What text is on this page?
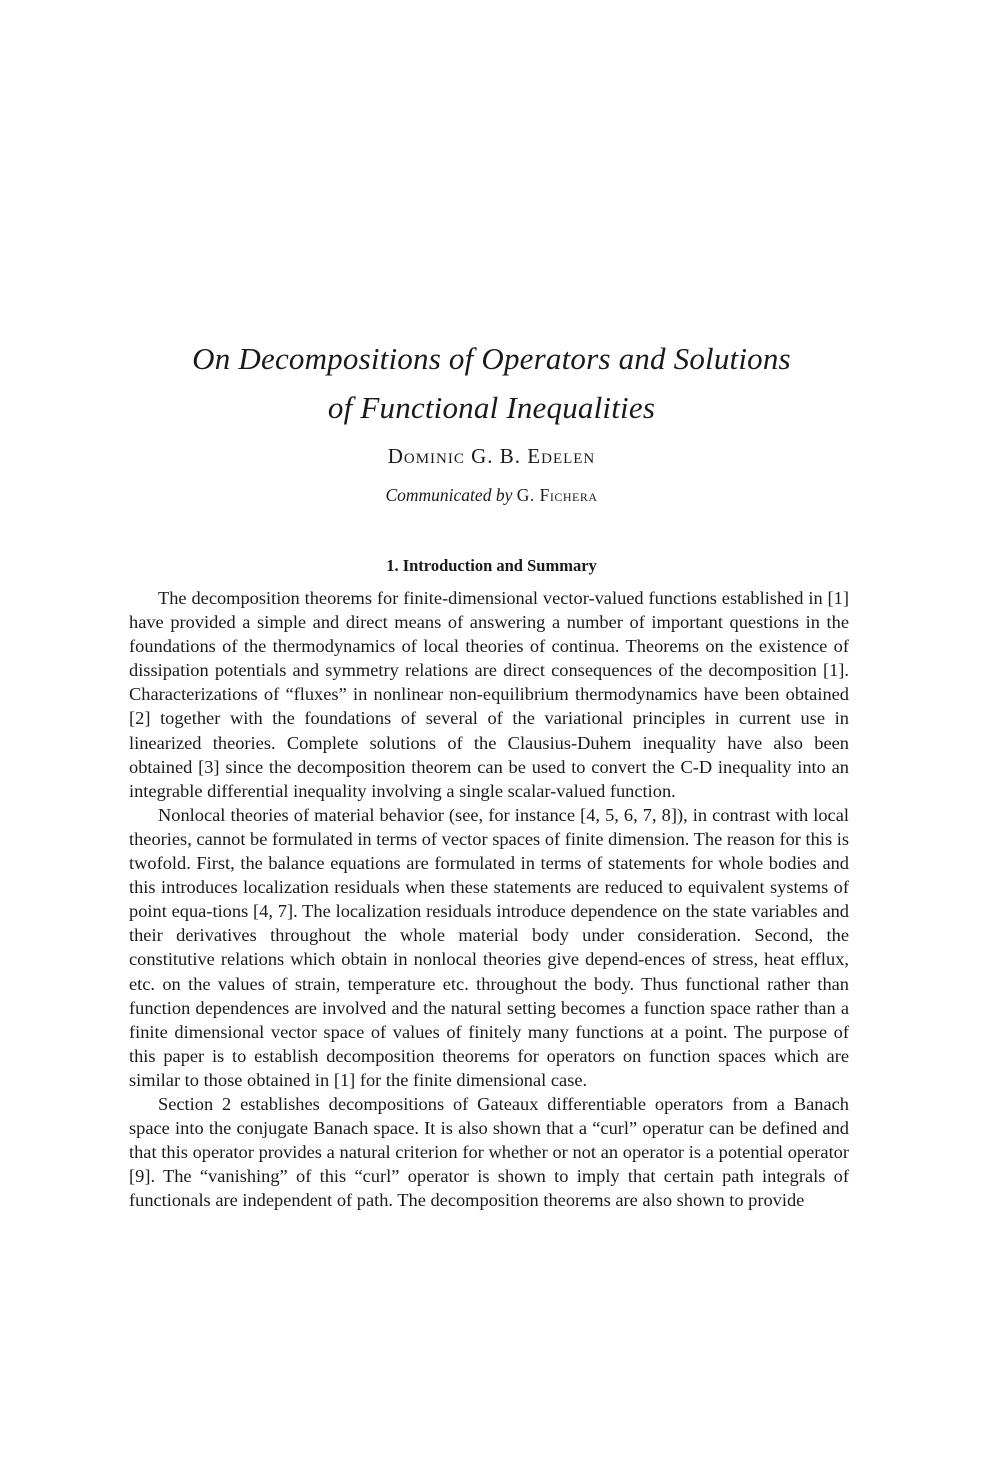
On Decompositions of Operators and Solutions
of Functional Inequalities
Dominic G. B. Edelen
Communicated by G. Fichera
1. Introduction and Summary

The decomposition theorems for finite-dimensional vector-valued functions established in [1] have provided a simple and direct means of answering a number of important questions in the foundations of the thermodynamics of local theories of continua. Theorems on the existence of dissipation potentials and symmetry relations are direct consequences of the decomposition [1]. Characterizations of “fluxes” in nonlinear non-equilibrium thermodynamics have been obtained [2] together with the foundations of several of the variational principles in current use in linearized theories. Complete solutions of the Clausius-Duhem inequality have also been obtained [3] since the decomposition theorem can be used to convert the C-D inequality into an integrable differential inequality involving a single scalar-valued function.

Nonlocal theories of material behavior (see, for instance [4, 5, 6, 7, 8]), in contrast with local theories, cannot be formulated in terms of vector spaces of finite dimension. The reason for this is twofold. First, the balance equations are formulated in terms of statements for whole bodies and this introduces localization residuals when these statements are reduced to equivalent systems of point equa-tions [4, 7]. The localization residuals introduce dependence on the state variables and their derivatives throughout the whole material body under consideration. Second, the constitutive relations which obtain in nonlocal theories give depend-ences of stress, heat efflux, etc. on the values of strain, temperature etc. throughout the body. Thus functional rather than function dependences are involved and the natural setting becomes a function space rather than a finite dimensional vector space of values of finitely many functions at a point. The purpose of this paper is to establish decomposition theorems for operators on function spaces which are similar to those obtained in [1] for the finite dimensional case.

Section 2 establishes decompositions of Gateaux differentiable operators from a Banach space into the conjugate Banach space. It is also shown that a “curl” operatur can be defined and that this operator provides a natural criterion for whether or not an operator is a potential operator [9]. The “vanishing” of this “curl” operator is shown to imply that certain path integrals of functionals are independent of path. The decomposition theorems are also shown to provide
